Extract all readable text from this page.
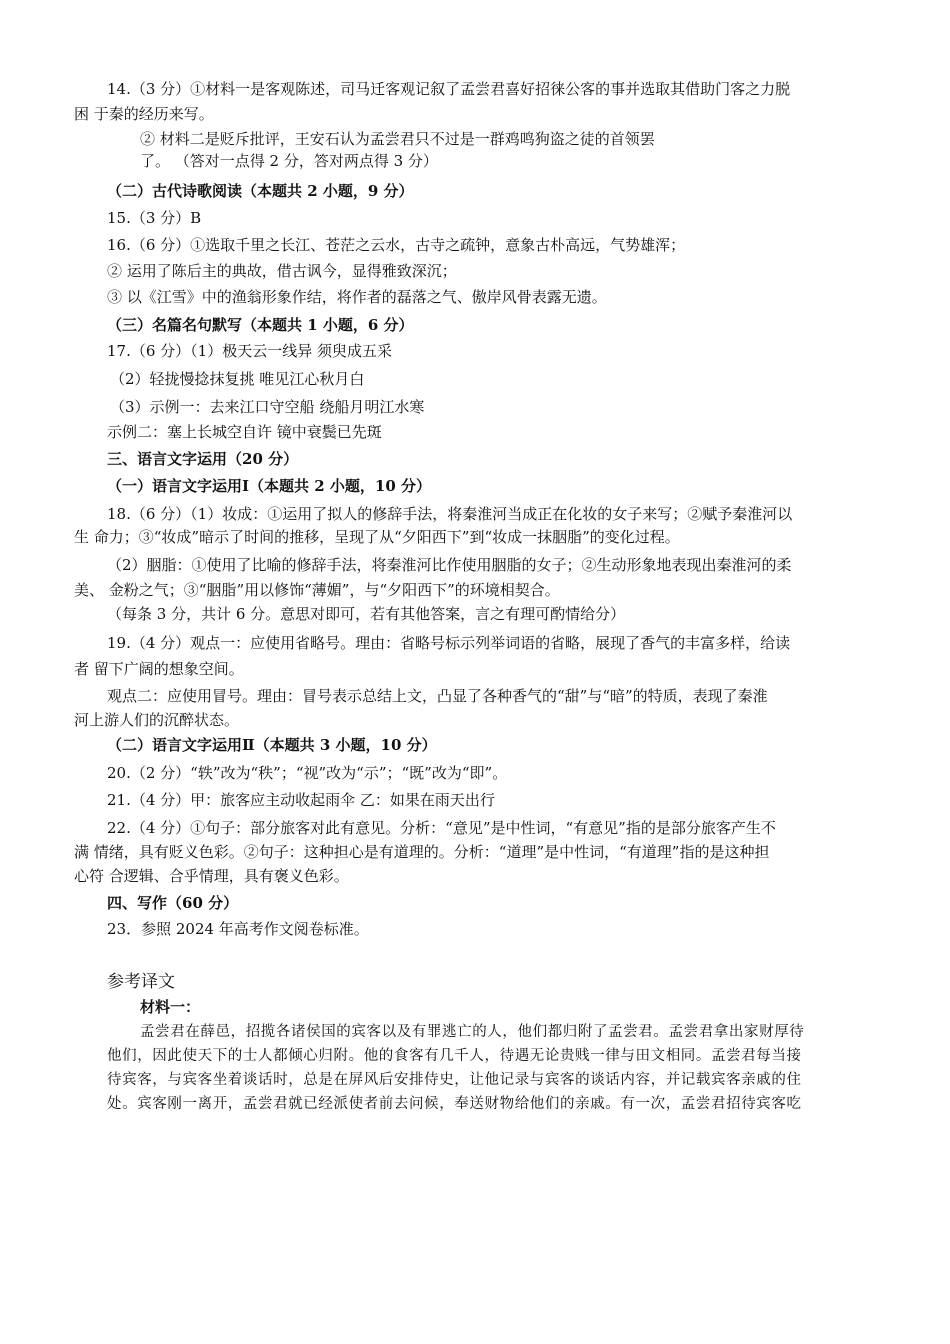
14.（3 分）①材料一是客观陈述，司马迁客观记叙了孟尝君喜好招徕公客的事并选取其借助门客之力脱
困 于秦的经历来写。
② 材料二是贬斥批评，王安石认为孟尝君只不过是一群鸡鸣狗盗之徒的首领罢
了。 （答对一点得 2 分，答对两点得 3 分）
（二）古代诗歌阅读（本题共 2 小题，9 分）
15.（3 分）B
16.（6 分）①选取千里之长江、苍茫之云水，古寺之疏钟，意象古朴高远，气势雄浑；
② 运用了陈后主的典故，借古讽今，显得雅致深沉；
③ 以《江雪》中的渔翁形象作结，将作者的磊落之气、傲岸风骨表露无遗。
（三）名篇名句默写（本题共 1 小题，6 分）
17.（6 分）（1）极天云一线异 须臾成五采
（2）轻拢慢捻抹复挑 唯见江心秋月白
（3）示例一：去来江口守空船 绕船月明江水寒
示例二：塞上长城空自许 镜中衰鬓已先斑
三、语言文字运用（20 分）
（一）语言文字运用Ⅰ（本题共 2 小题，10 分）
18.（6 分）（1）妆成：①运用了拟人的修辞手法，将秦淮河当成正在化妆的女子来写；②赋予秦淮河以
生 命力；③“妆成”暗示了时间的推移，呈现了从“夕阳西下”到“妆成一抹胭脂”的变化过程。
（2）胭脂：①使用了比喻的修辞手法，将秦淮河比作使用胭脂的女子；②生动形象地表现出秦淮河的柔
美、 金粉之气；③“胭脂”用以修饰“薄媚”，与“夕阳西下”的环境相契合。
（每条 3 分，共计 6 分。意思对即可，若有其他答案，言之有理可酌情给分）
19.（4 分）观点一：应使用省略号。理由：省略号标示列举词语的省略，展现了香气的丰富多样，给读
者 留下广阔的想象空间。
观点二：应使用冒号。理由：冒号表示总结上文，凸显了各种香气的“甜”与“暗”的特质，表现了秦淮
河上游人们的沉醉状态。
（二）语言文字运用Ⅱ（本题共 3 小题，10 分）
20.（2 分）“轶”改为“秩”；“视”改为“示”；“既”改为“即”。
21.（4 分）甲：旅客应主动收起雨伞 乙：如果在雨天出行
22.（4 分）①句子：部分旅客对此有意见。分析：“意见”是中性词，“有意见”指的是部分旅客产生不
满 情绪，具有贬义色彩。②句子：这种担心是有道理的。分析：“道理”是中性词，“有道理”指的是这种担
心符 合逻辑、合乎情理，具有褒义色彩。
四、写作（60 分）
23．参照 2024 年高考作文阅卷标准。
参考译文
材料一：
孟尝君在薛邑，招揽各诸侯国的宾客以及有罪逃亡的人，他们都归附了孟尝君。孟尝君拿出家财厚待
他们，因此使天下的士人都倾心归附。他的食客有几千人，待遇无论贵贱一律与田文相同。孟尝君每当接
待宾客，与宾客坐着谈话时，总是在屏风后安排侍史，让他记录与宾客的谈话内容，并记载宾客亲戚的住
处。宾客刚一离开，孟尝君就已经派使者前去问候，奉送财物给他们的亲戚。有一次，孟尝君招待宾客吃
